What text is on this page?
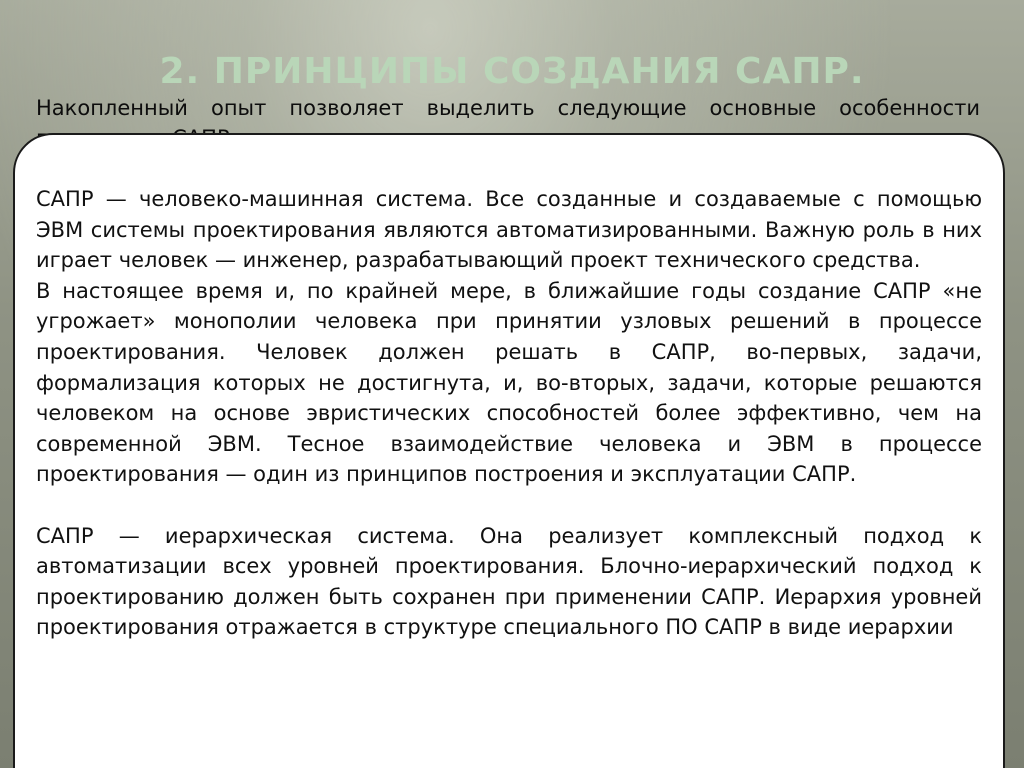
2. ПРИНЦИПЫ СОЗДАНИЯ САПР.

Накопленный опыт позволяет выделить следующие основные особенности

САПР — человеко-машинная система. Все созданные и создаваемые с помощью ЭВМ системы проектирования являются автоматизированными. Важную роль в них играет человек — инженер, разрабатывающий проект технического средства.

В настоящее время и, по крайней мере, в ближайшие годы создание САПР «не угрожает» монополии человека при принятии узловых решений в процессе проектирования. Человек должен решать в САПР, во-первых, задачи, формализация которых не достигнута, и, во-вторых, задачи, которые решаются человеком на основе эвристических способностей более эффективно, чем на современной ЭВМ. Тесное взаимодействие человека и ЭВМ в процессе проектирования — один из принципов построения и эксплуатации САПР.

САПР — иерархическая система. Она реализует комплексный подход к автоматизации всех уровней проектирования. Блочно-иерархический подход к проектированию должен быть сохранен при применении САПР. Иерархия уровней проектирования отражается в структуре специального ПО САПР в виде иерархии
